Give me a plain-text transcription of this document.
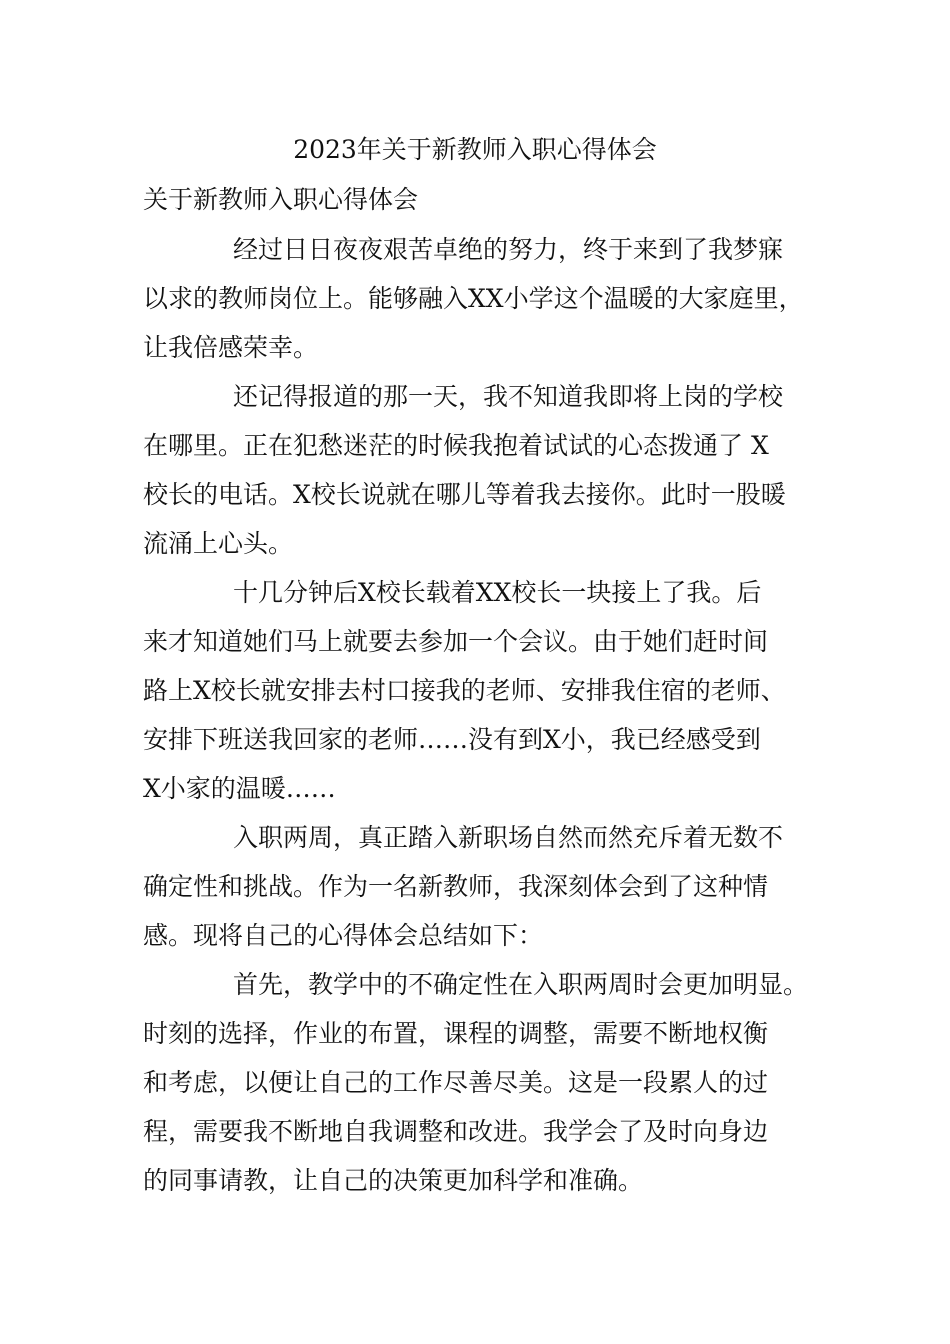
2023年关于新教师入职心得体会
关于新教师入职心得体会
经过日日夜夜艰苦卓绝的努力，终于来到了我梦寐
以求的教师岗位上。能够融入XX小学这个温暖的大家庭里，
让我倍感荣幸。
还记得报道的那一天，我不知道我即将上岗的学校
在哪里。正在犯愁迷茫的时候我抱着试试的心态拨通了 X
校长的电话。X校长说就在哪儿等着我去接你。此时一股暖
流涌上心头。
十几分钟后X校长载着XX校长一块接上了我。后
来才知道她们马上就要去参加一个会议。由于她们赶时间
路上X校长就安排去村口接我的老师、安排我住宿的老师、
安排下班送我回家的老师……没有到X小，我已经感受到
X小家的温暖……
入职两周，真正踏入新职场自然而然充斥着无数不
确定性和挑战。作为一名新教师，我深刻体会到了这种情
感。现将自己的心得体会总结如下：
首先，教学中的不确定性在入职两周时会更加明显。
时刻的选择，作业的布置，课程的调整，需要不断地权衡
和考虑，以便让自己的工作尽善尽美。这是一段累人的过
程，需要我不断地自我调整和改进。我学会了及时向身边
的同事请教，让自己的决策更加科学和准确。
